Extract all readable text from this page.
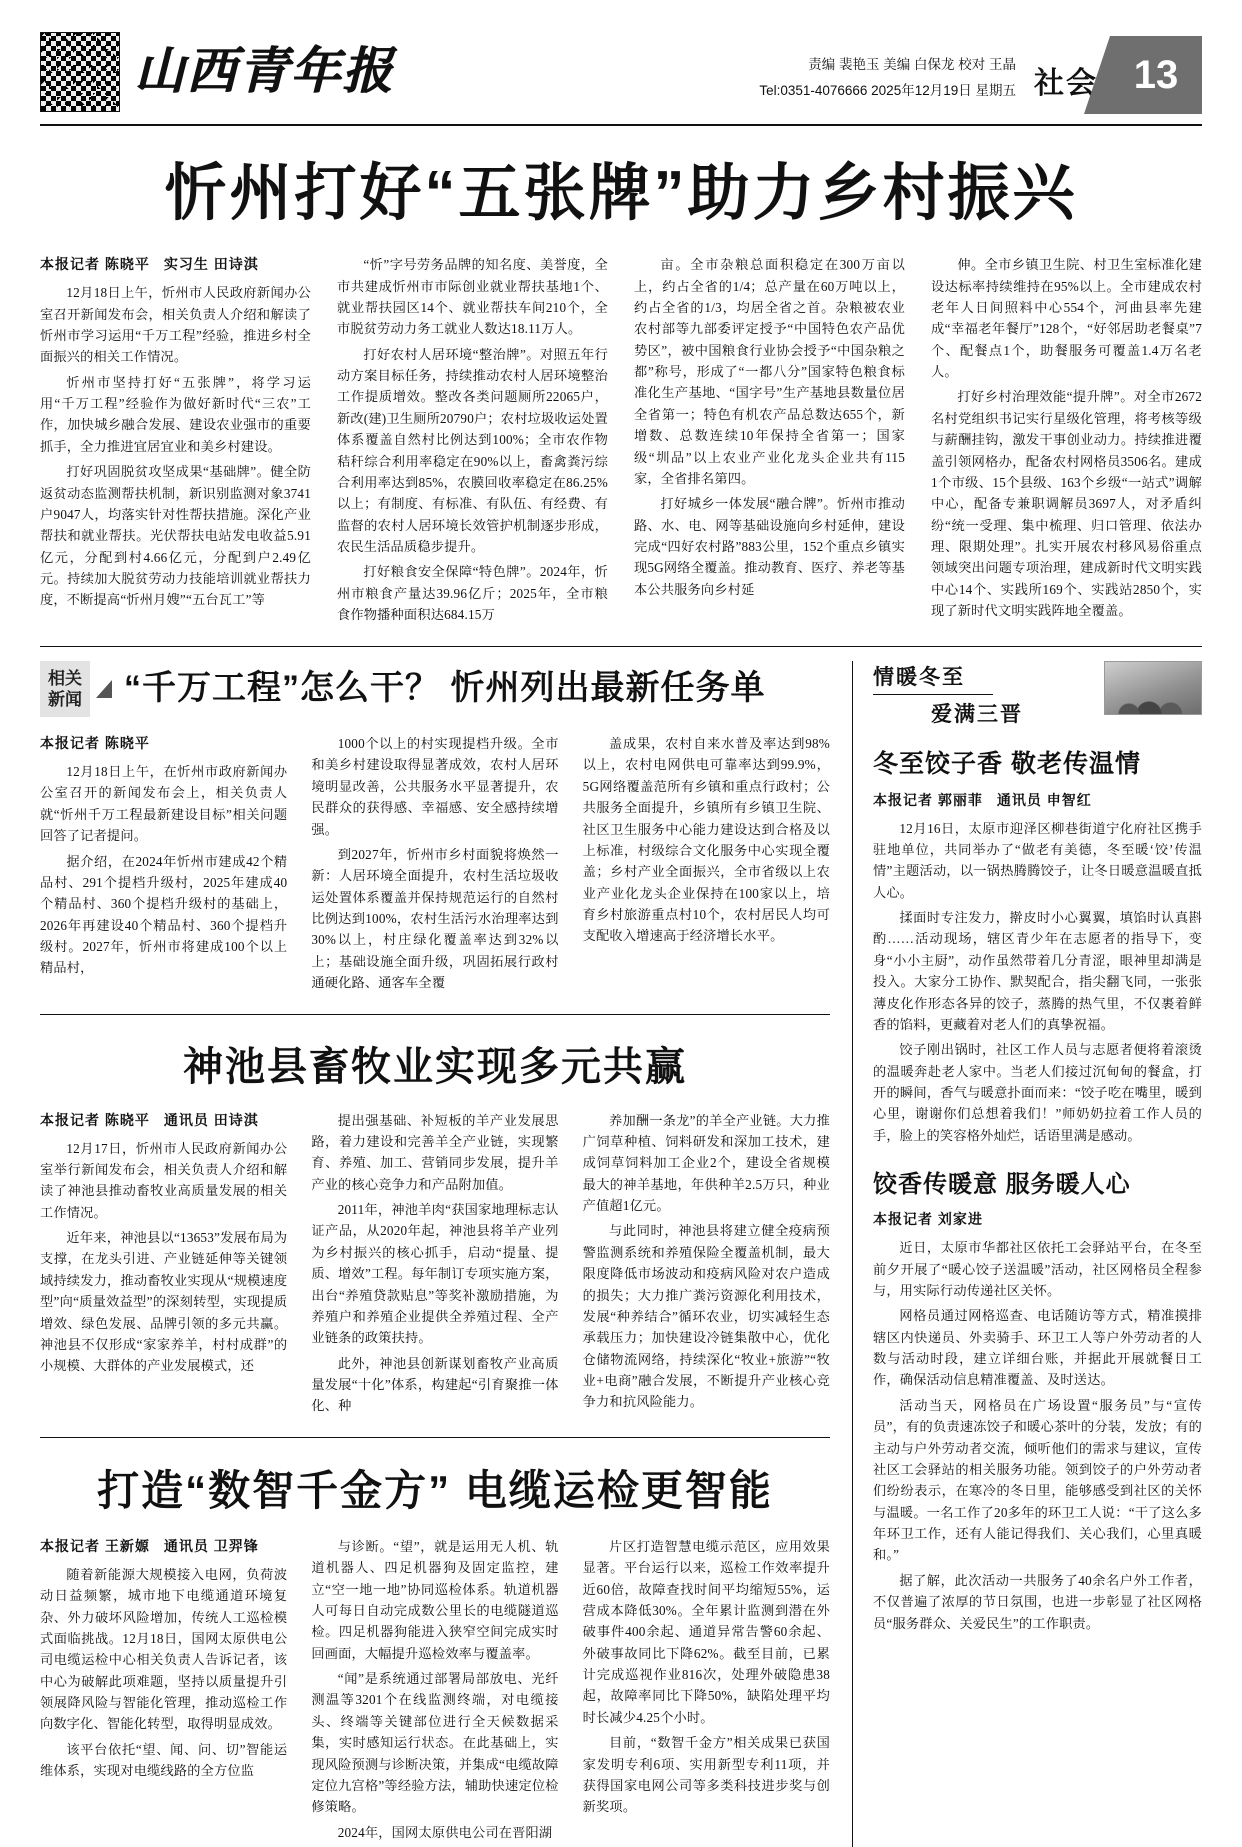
山西青年报	责编 裴艳玉 美编 白保龙 校对 王晶
Tel:0351-4076666 2025年12月19日 星期五 社会 13
忻州打好“五张牌”助力乡村振兴
本报记者 陈晓平 实习生 田诗淇

12月18日上午，忻州市人民政府新闻办公室召开新闻发布会，相关负责人介绍和解读了忻州市学习运用“千万工程”经验，推进乡村全面振兴的相关工作情况。

忻州市坚持打好“五张牌”，将学习运用“千万工程”经验作为做好新时代“三农”工作，加快城乡融合发展、建设农业强市的重要抓手，全力推进宜居宜业和美乡村建设。

打好巩固脱贫攻坚成果“基础牌”。健全防返贫动态监测帮扶机制，新识别监测对象3741户9047人，均落实针对性帮扶措施。深化产业帮扶和就业帮扶。光伏帮扶电站发电收益5.91亿元，分配到村4.66亿元，分配到户2.49亿元。持续加大脱贫劳动力技能培训就业帮扶力度，不断提高“忻州月嫂”“五台瓦工”等

“忻”字号劳务品牌的知名度、美誉度，全市共建成忻州市市际创业就业帮扶基地1个、就业帮扶园区14个、就业帮扶车间210个，全市脱贫劳动力务工就业人数达18.11万人。

打好农村人居环境“整治牌”。对照五年行动方案目标任务，持续推动农村人居环境整治工作提质增效。整改各类问题厕所22065户，新改(建)卫生厕所20790户；农村垃圾收运处置体系覆盖自然村比例达到100%；全市农作物秸秆综合利用率稳定在90%以上，畜禽粪污综合利用率达到85%，农膜回收率稳定在86.25%以上；有制度、有标准、有队伍、有经费、有监督的农村人居环境长效管护机制逐步形成，农民生活品质稳步提升。

打好粮食安全保障“特色牌”。2024年，忻州市粮食产量达39.96亿斤；2025年，全市粮食作物播种面积达684.15万

亩。全市杂粮总面积稳定在300万亩以上，约占全省的1/4；总产量在60万吨以上，约占全省的1/3，均居全省之首。杂粮被农业农村部等九部委评定授予“中国特色农产品优势区”，被中国粮食行业协会授予“中国杂粮之都”称号，形成了“一都八分”国家特色粮食标准化生产基地、“国字号”生产基地县数量位居全省第一；特色有机农产品总数达655个，新增数、总数连续10年保持全省第一；国家级“圳品”以上农业产业化龙头企业共有115家，全省排名第四。

打好城乡一体发展“融合牌”。忻州市推动路、水、电、网等基础设施向乡村延伸，建设完成“四好农村路”883公里，152个重点乡镇实现5G网络全覆盖。推动教育、医疗、养老等基本公共服务向乡村延

伸。全市乡镇卫生院、村卫生室标准化建设达标率持续维持在95%以上。全市建成农村老年人日间照料中心554个，河曲县率先建成“幸福老年餐厅”128个，“好邻居助老餐桌”7个、配餐点1个，助餐服务可覆盖1.4万名老人。

打好乡村治理效能“提升牌”。对全市2672名村党组织书记实行星级化管理，将考核等级与薪酬挂钩，激发干事创业动力。持续推进覆盖引领网格办，配备农村网格员3506名。建成1个市级、15个县级、163个乡级“一站式”调解中心，配备专兼职调解员3697人，对矛盾纠纷“统一受理、集中梳理、归口管理、依法办理、限期处理”。扎实开展农村移风易俗重点领域突出问题专项治理，建成新时代文明实践中心14个、实践所169个、实践站2850个，实现了新时代文明实践阵地全覆盖。

相关
新闻 “千万工程”怎么干？ 忻州列出最新任务单
本报记者 陈晓平

12月18日上午，在忻州市政府新闻办公室召开的新闻发布会上，相关负责人就“忻州千万工程最新建设目标”相关问题回答了记者提问。

据介绍，在2024年忻州市建成42个精品村、291个提档升级村，2025年建成40个精品村、360个提档升级村的基础上，2026年再建设40个精品村、360个提档升级村。2027年，忻州市将建成100个以上精品村，

1000个以上的村实现提档升级。全市和美乡村建设取得显著成效，农村人居环境明显改善，公共服务水平显著提升，农民群众的获得感、幸福感、安全感持续增强。

到2027年，忻州市乡村面貌将焕然一新：人居环境全面提升，农村生活垃圾收运处置体系覆盖并保持规范运行的自然村比例达到100%，农村生活污水治理率达到30%以上，村庄绿化覆盖率达到32%以上；基础设施全面升级，巩固拓展行政村通硬化路、通客车全覆

盖成果，农村自来水普及率达到98%以上，农村电网供电可靠率达到99.9%，5G网络覆盖范所有乡镇和重点行政村；公共服务全面提升，乡镇所有乡镇卫生院、社区卫生服务中心能力建设达到合格及以上标准，村级综合文化服务中心实现全覆盖；乡村产业全面振兴，全市省级以上农业产业化龙头企业保持在100家以上，培育乡村旅游重点村10个，农村居民人均可支配收入增速高于经济增长水平。

神池县畜牧业实现多元共赢
本报记者 陈晓平 通讯员 田诗淇

12月17日，忻州市人民政府新闻办公室举行新闻发布会，相关负责人介绍和解读了神池县推动畜牧业高质量发展的相关工作情况。

近年来，神池县以“13653”发展布局为支撑，在龙头引进、产业链延伸等关键领域持续发力，推动畜牧业实现从“规模速度型”向“质量效益型”的深刻转型，实现提质增效、绿色发展、品牌引领的多元共赢。神池县不仅形成“家家养羊，村村成群”的小规模、大群体的产业发展模式，还

提出强基础、补短板的羊产业发展思路，着力建设和完善羊全产业链，实现繁育、养殖、加工、营销同步发展，提升羊产业的核心竞争力和产品附加值。

2011年，神池羊肉“获国家地理标志认证产品，从2020年起，神池县将羊产业列为乡村振兴的核心抓手，启动“提量、提质、增效”工程。每年制订专项实施方案，出台“养殖贷款贴息”等奖补激励措施，为养殖户和养殖企业提供全养殖过程、全产业链条的政策扶持。

此外，神池县创新谋划畜牧产业高质量发展“十化”体系，构建起“引育聚推一体化、种

养加酬一条龙”的羊全产业链。大力推广饲草种植、饲料研发和深加工技术，建成饲草饲料加工企业2个，建设全省规模最大的神羊基地，年供种羊2.5万只，种业产值超1亿元。

与此同时，神池县将建立健全疫病预警监测系统和养殖保险全覆盖机制，最大限度降低市场波动和疫病风险对农户造成的损失；大力推广粪污资源化利用技术，发展“种养结合”循环农业，切实减轻生态承载压力；加快建设冷链集散中心，优化仓储物流网络，持续深化“牧业+旅游”“牧业+电商”融合发展，不断提升产业核心竞争力和抗风险能力。

打造“数智千金方” 电缆运检更智能
本报记者 王新嫄 通讯员 卫羿锋

随着新能源大规模接入电网，负荷波动日益频繁，城市地下电缆通道环境复杂、外力破坏风险增加，传统人工巡检模式面临挑战。12月18日，国网太原供电公司电缆运检中心相关负责人告诉记者，该中心为破解此项难题，坚持以质量提升引领展降风险与智能化管理，推动巡检工作向数字化、智能化转型，取得明显成效。

该平台依托“望、闻、问、切”智能运维体系，实现对电缆线路的全方位监

与诊断。“望”，就是运用无人机、轨道机器人、四足机器狗及固定监控，建立“空一地一地”协同巡检体系。轨道机器人可每日自动完成数公里长的电缆隧道巡检。四足机器狗能进入狭窄空间完成实时回画面，大幅提升巡检效率与覆盖率。

“闻”是系统通过部署局部放电、光纤测温等3201个在线监测终端，对电缆接头、终端等关键部位进行全天候数据采集，实时感知运行状态。在此基础上，实现风险预测与诊断决策，并集成“电缆故障定位九宫格”等经验方法，辅助快速定位检修策略。

2024年，国网太原供电公司在晋阳湖

片区打造智慧电缆示范区，应用效果显著。平台运行以来，巡检工作效率提升近60倍，故障查找时间平均缩短55%，运营成本降低30%。全年累计监测到潜在外破事件400余起、通道异常告警60余起、外破事故同比下降62%。截至目前，已累计完成巡视作业816次，处理外破隐患38起，故障率同比下降50%，缺陷处理平均时长减少4.25个小时。

目前，“数智千金方”相关成果已获国家发明专利6项、实用新型专利11项，并获得国家电网公司等多类科技进步奖与创新奖项。

情暖冬至
爱满三晋
冬至饺子香 敬老传温情
本报记者 郭丽菲 通讯员 申智红

12月16日，太原市迎泽区柳巷街道宁化府社区携手驻地单位，共同举办了“做老有美德，冬至暖‘饺’传温情”主题活动，以一锅热腾腾饺子，让冬日暖意温暖直抵人心。

揉面时专注发力，擀皮时小心翼翼，填馅时认真斟酌……活动现场，辖区青少年在志愿者的指导下，变身“小小主厨”，动作虽然带着几分青涩，眼神里却满是投入。大家分工协作、默契配合，指尖翻飞同，一张张薄皮化作形态各异的饺子，蒸腾的热气里，不仅裹着鲜香的馅料，更藏着对老人们的真挚祝福。

饺子刚出锅时，社区工作人员与志愿者便将着滚烫的温暖奔赴老人家中。当老人们接过沉甸甸的餐盒，打开的瞬间，香气与暖意扑面而来：“饺子吃在嘴里，暖到心里，谢谢你们总想着我们！”师奶奶拉着工作人员的手，脸上的笑容格外灿烂，话语里满是感动。

饺香传暖意 服务暖人心
本报记者 刘家进

近日，太原市华都社区依托工会驿站平台，在冬至前夕开展了“暖心饺子送温暖”活动，社区网格员全程参与，用实际行动传递社区关怀。

网格员通过网格巡查、电话随访等方式，精准摸排辖区内快递员、外卖骑手、环卫工人等户外劳动者的人数与活动时段，建立详细台账，并据此开展就餐日工作，确保活动信息精准覆盖、及时送达。

活动当天，网格员在广场设置“服务员”与“宣传员”，有的负责速冻饺子和暖心茶叶的分装，发放；有的主动与户外劳动者交流，倾听他们的需求与建议，宣传社区工会驿站的相关服务功能。领到饺子的户外劳动者们纷纷表示，在寒冷的冬日里，能够感受到社区的关怀与温暖。一名工作了20多年的环卫工人说：“干了这么多年环卫工作，还有人能记得我们、关心我们，心里真暖和。”

据了解，此次活动一共服务了40余名户外工作者，不仅普遍了浓厚的节日氛围，也进一步彰显了社区网格员“服务群众、关爱民生”的工作职责。
